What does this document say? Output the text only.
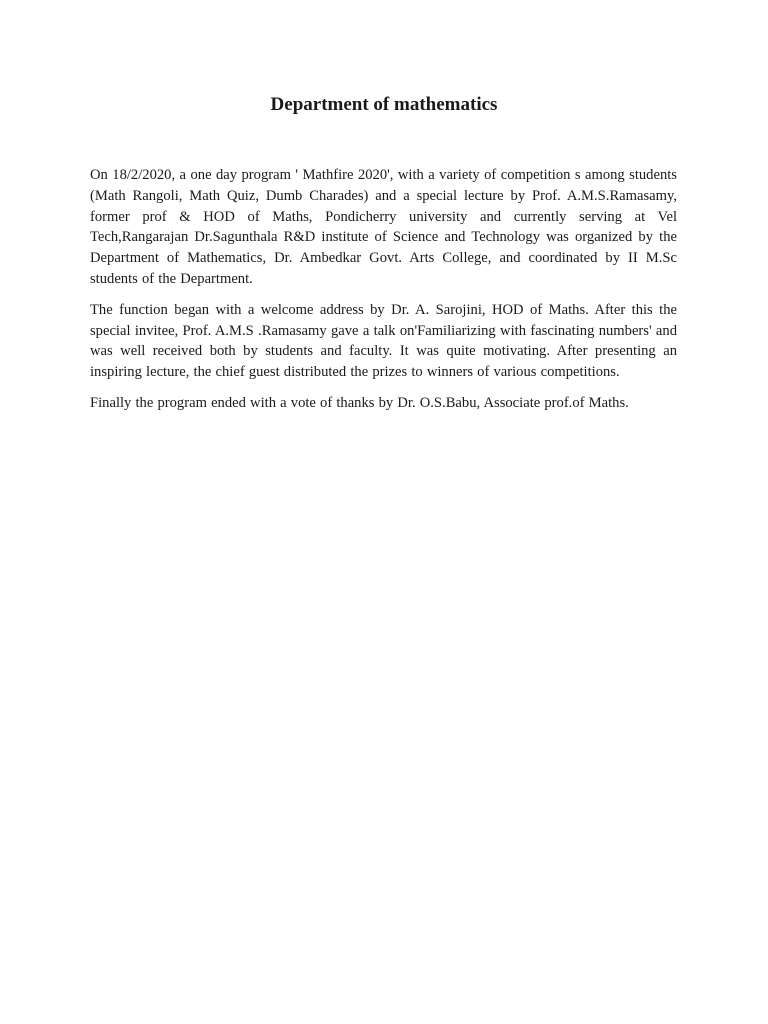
Department of mathematics

On 18/2/2020, a one day program ' Mathfire 2020', with a variety of competition s among students (Math Rangoli, Math Quiz, Dumb Charades) and a special lecture by Prof. A.M.S.Ramasamy, former prof & HOD of Maths, Pondicherry university and currently serving at Vel Tech,Rangarajan Dr.Sagunthala R&D institute of Science and Technology was organized by the Department of Mathematics, Dr. Ambedkar Govt. Arts College, and coordinated by II M.Sc students of the Department.

The function began with a welcome address by Dr. A. Sarojini, HOD of Maths. After this the special invitee, Prof. A.M.S .Ramasamy gave a talk on'Familiarizing with fascinating numbers' and was well received both by students and faculty. It was quite motivating. After presenting an inspiring lecture, the chief guest distributed the prizes to winners of various competitions.

Finally the program ended with a vote of thanks by Dr. O.S.Babu, Associate prof.of Maths.
